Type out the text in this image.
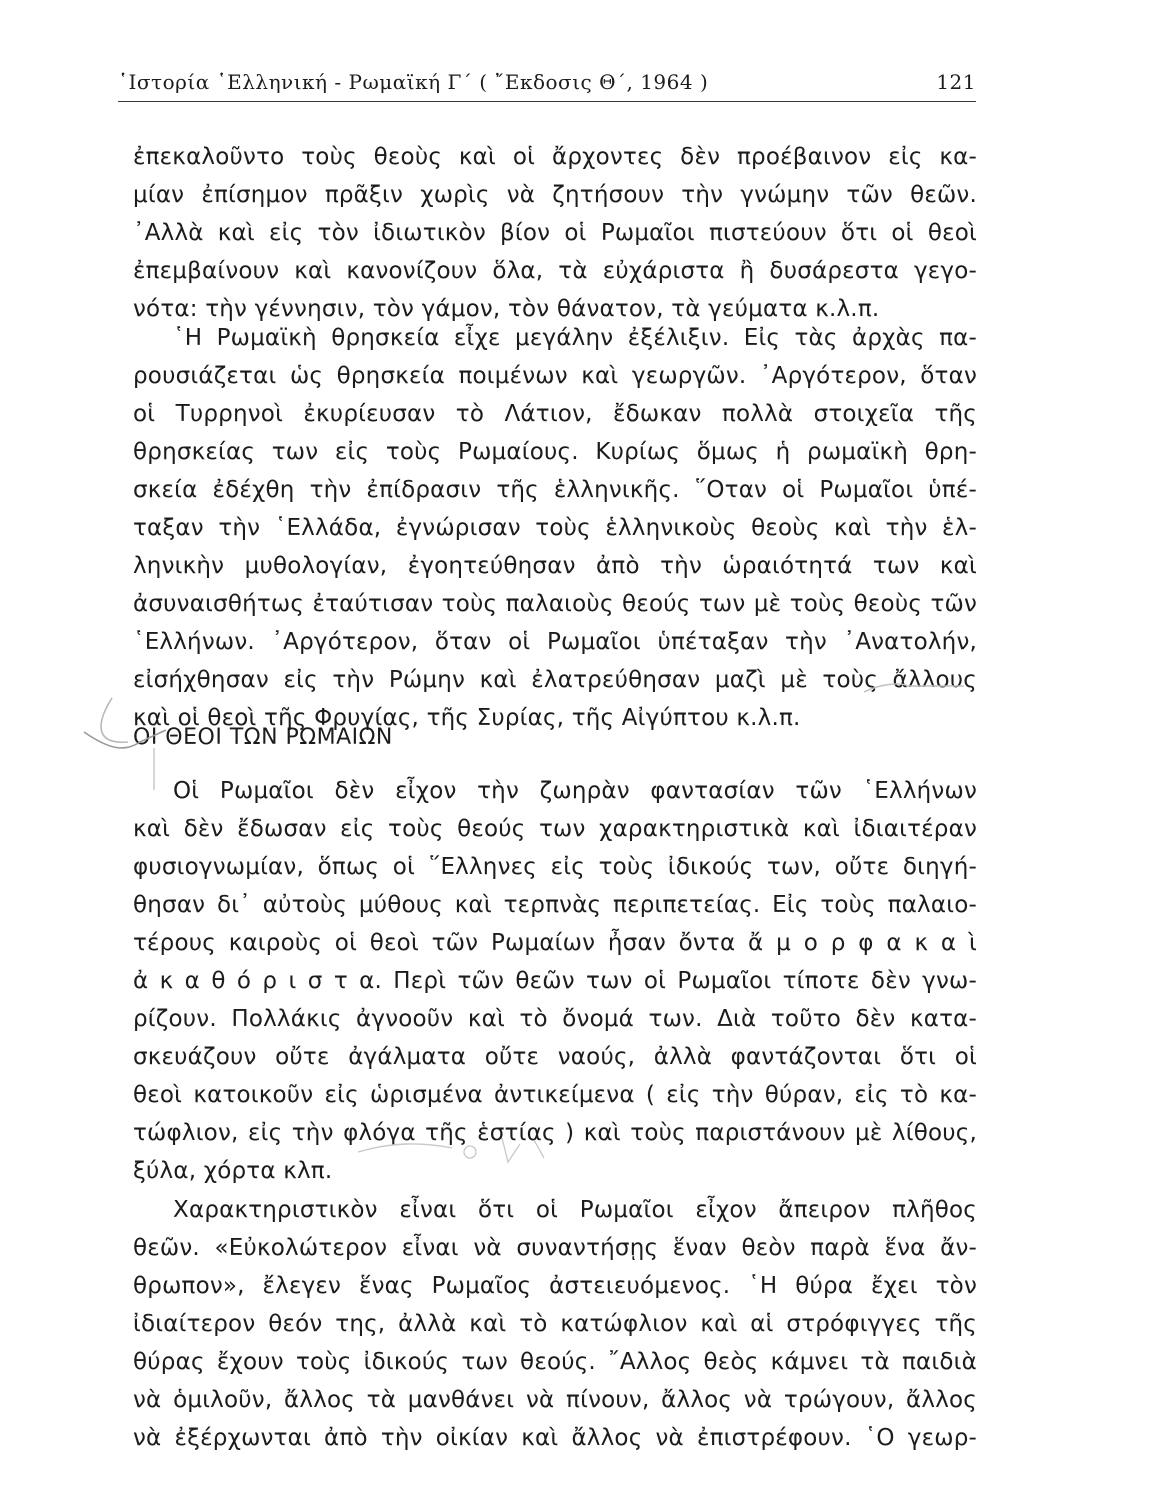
῾Ιστορία ῾Ελληνική - Ρωμαϊκή Γ΄ ( ῎Εκδοσις Θ΄, 1964 )	121
ἐπεκαλοῦντο τοὺς θεοὺς καὶ οἱ ἄρχοντες δὲν προέβαινον εἰς κα-
μίαν ἐπίσημον πρᾶξιν χωρὶς νὰ ζητήσουν τὴν γνώμην τῶν θεῶν.
᾿Αλλὰ καὶ εἰς τὸν ἰδιωτικὸν βίον οἱ Ρωμαῖοι πιστεύουν ὅτι οἱ θεοὶ
ἐπεμβαίνουν καὶ κανονίζουν ὅλα, τὰ εὐχάριστα ἢ δυσάρεστα γεγο-
νότα: τὴν γέννησιν, τὸν γάμον, τὸν θάνατον, τὰ γεύματα κ.λ.π.
῾Η Ρωμαϊκὴ θρησκεία εἶχε μεγάλην ἐξέλιξιν. Εἰς τὰς ἀρχὰς πα-
ρουσιάζεται ὡς θρησκεία ποιμένων καὶ γεωργῶν. ᾿Αργότερον, ὅταν
οἱ Τυρρηνοὶ ἐκυρίευσαν τὸ Λάτιον, ἔδωκαν πολλὰ στοιχεῖα τῆς
θρησκείας των εἰς τοὺς Ρωμαίους. Κυρίως ὅμως ἡ ρωμαϊκὴ θρη-
σκεία ἐδέχθη τὴν ἐπίδρασιν τῆς ἑλληνικῆς. ῞Οταν οἱ Ρωμαῖοι ὑπέ-
ταξαν τὴν ῾Ελλάδα, ἐγνώρισαν τοὺς ἑλληνικοὺς θεοὺς καὶ τὴν ἑλ-
ληνικὴν μυθολογίαν, ἐγοητεύθησαν ἀπὸ τὴν ὡραιότητά των καὶ
ἀσυναισθήτως ἐταύτισαν τοὺς παλαιοὺς θεούς των μὲ τοὺς θεοὺς τῶν
῾Ελλήνων. ᾿Αργότερον, ὅταν οἱ Ρωμαῖοι ὑπέταξαν τὴν ᾿Ανατολήν,
εἰσήχθησαν εἰς τὴν Ρώμην καὶ ἐλατρεύθησαν μαζὶ μὲ τοὺς ἄλλους
καὶ οἱ θεοὶ τῆς Φρυγίας, τῆς Συρίας, τῆς Αἰγύπτου κ.λ.π.
ΟΙ ΘΕΟΙ ΤΩΝ ΡΩΜΑΙΩΝ
Οἱ Ρωμαῖοι δὲν εἶχον τὴν ζωηρὰν φαντασίαν τῶν ῾Ελλήνων
καὶ δὲν ἔδωσαν εἰς τοὺς θεούς των χαρακτηριστικὰ καὶ ἰδιαιτέραν
φυσιογνωμίαν, ὅπως οἱ ῞Ελληνες εἰς τοὺς ἰδικούς των, οὔτε διηγή-
θησαν δι᾿ αὐτοὺς μύθους καὶ τερπνὰς περιπετείας. Εἰς τοὺς παλαιο-
τέρους καιροὺς οἱ θεοὶ τῶν Ρωμαίων ἦσαν ὄντα ἄ μ ο ρ φ α κ α ὶ
ἀ κ α θ ό ρ ι σ τ α. Περὶ τῶν θεῶν των οἱ Ρωμαῖοι τίποτε δὲν γνω-
ρίζουν. Πολλάκις ἀγνοοῦν καὶ τὸ ὄνομά των. Διὰ τοῦτο δὲν κατα-
σκευάζουν οὔτε ἀγάλματα οὔτε ναούς, ἀλλὰ φαντάζονται ὅτι οἱ
θεοὶ κατοικοῦν εἰς ὡρισμένα ἀντικείμενα ( εἰς τὴν θύραν, εἰς τὸ κα-
τώφλιον, εἰς τὴν φλόγα τῆς ἑστίας ) καὶ τοὺς παριστάνουν μὲ λίθους,
ξύλα, χόρτα κλπ.
Χαρακτηριστικὸν εἶναι ὅτι οἱ Ρωμαῖοι εἶχον ἄπειρον πλῆθος
θεῶν. «Εὐκολώτερον εἶναι νὰ συναντήσῃς ἕναν θεὸν παρὰ ἕνα ἄν-
θρωπον», ἔλεγεν ἕνας Ρωμαῖος ἀστειευόμενος. ῾Η θύρα ἔχει τὸν
ἰδιαίτερον θεόν της, ἀλλὰ καὶ τὸ κατώφλιον καὶ αἱ στρόφιγγες τῆς
θύρας ἔχουν τοὺς ἰδικούς των θεούς. ῎Αλλος θεὸς κάμνει τὰ παιδιὰ
νὰ ὁμιλοῦν, ἄλλος τὰ μανθάνει νὰ πίνουν, ἄλλος νὰ τρώγουν, ἄλλος
νὰ ἐξέρχωνται ἀπὸ τὴν οἰκίαν καὶ ἄλλος νὰ ἐπιστρέφουν. ῾Ο γεωρ-
